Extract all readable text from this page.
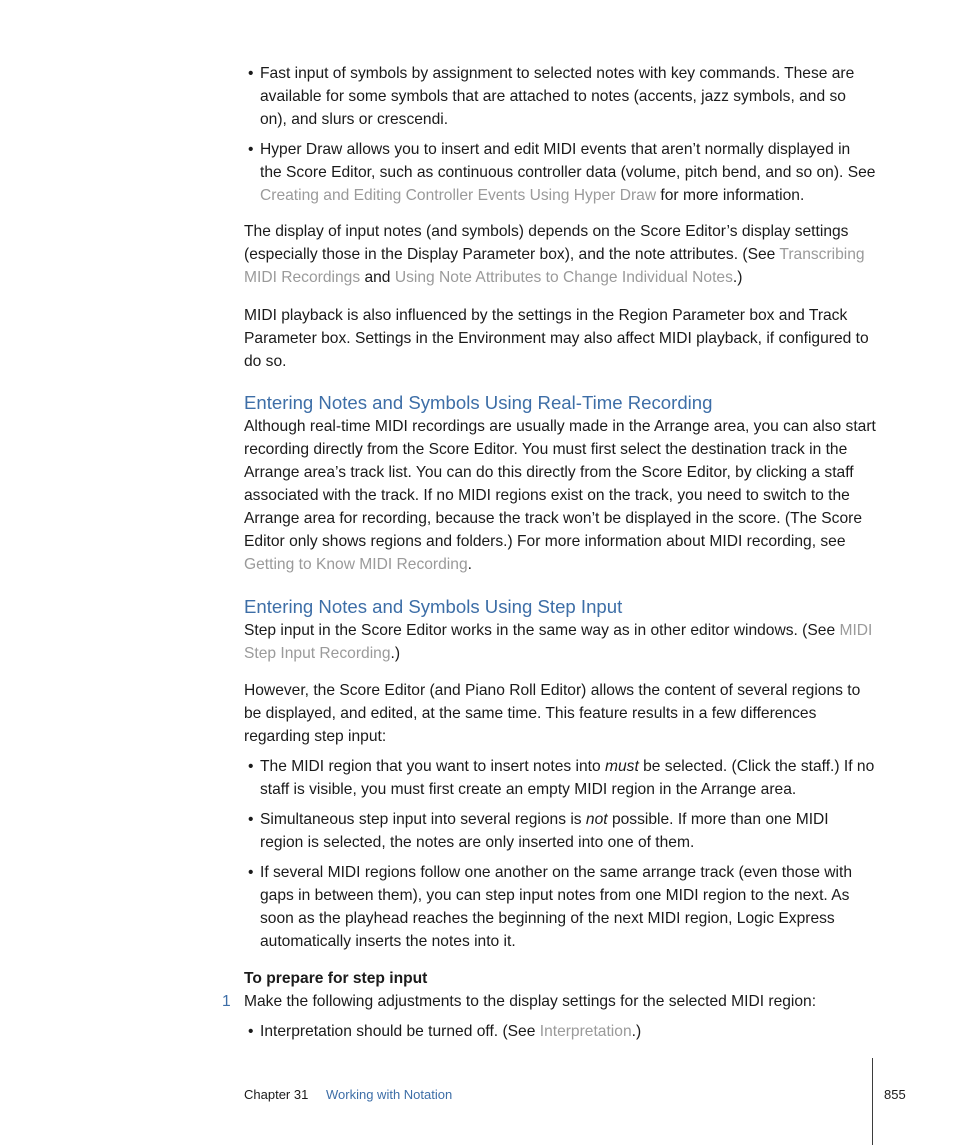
• Fast input of symbols by assignment to selected notes with key commands. These are available for some symbols that are attached to notes (accents, jazz symbols, and so on), and slurs or crescendi.
• Hyper Draw allows you to insert and edit MIDI events that aren’t normally displayed in the Score Editor, such as continuous controller data (volume, pitch bend, and so on). See Creating and Editing Controller Events Using Hyper Draw for more information.

The display of input notes (and symbols) depends on the Score Editor’s display settings (especially those in the Display Parameter box), and the note attributes. (See Transcribing MIDI Recordings and Using Note Attributes to Change Individual Notes.)

MIDI playback is also influenced by the settings in the Region Parameter box and Track Parameter box. Settings in the Environment may also affect MIDI playback, if configured to do so.

Entering Notes and Symbols Using Real-Time Recording

Although real-time MIDI recordings are usually made in the Arrange area, you can also start recording directly from the Score Editor. You must first select the destination track in the Arrange area’s track list. You can do this directly from the Score Editor, by clicking a staff associated with the track. If no MIDI regions exist on the track, you need to switch to the Arrange area for recording, because the track won’t be displayed in the score. (The Score Editor only shows regions and folders.) For more information about MIDI recording, see Getting to Know MIDI Recording.

Entering Notes and Symbols Using Step Input

Step input in the Score Editor works in the same way as in other editor windows. (See MIDI Step Input Recording.)

However, the Score Editor (and Piano Roll Editor) allows the content of several regions to be displayed, and edited, at the same time. This feature results in a few differences regarding step input:

• The MIDI region that you want to insert notes into must be selected. (Click the staff.) If no staff is visible, you must first create an empty MIDI region in the Arrange area.
• Simultaneous step input into several regions is not possible. If more than one MIDI region is selected, the notes are only inserted into one of them.
• If several MIDI regions follow one another on the same arrange track (even those with gaps in between them), you can step input notes from one MIDI region to the next. As soon as the playhead reaches the beginning of the next MIDI region, Logic Express automatically inserts the notes into it.
To prepare for step input
1 Make the following adjustments to the display settings for the selected MIDI region:
• Interpretation should be turned off. (See Interpretation.)
Chapter 31 Working with Notation	855
